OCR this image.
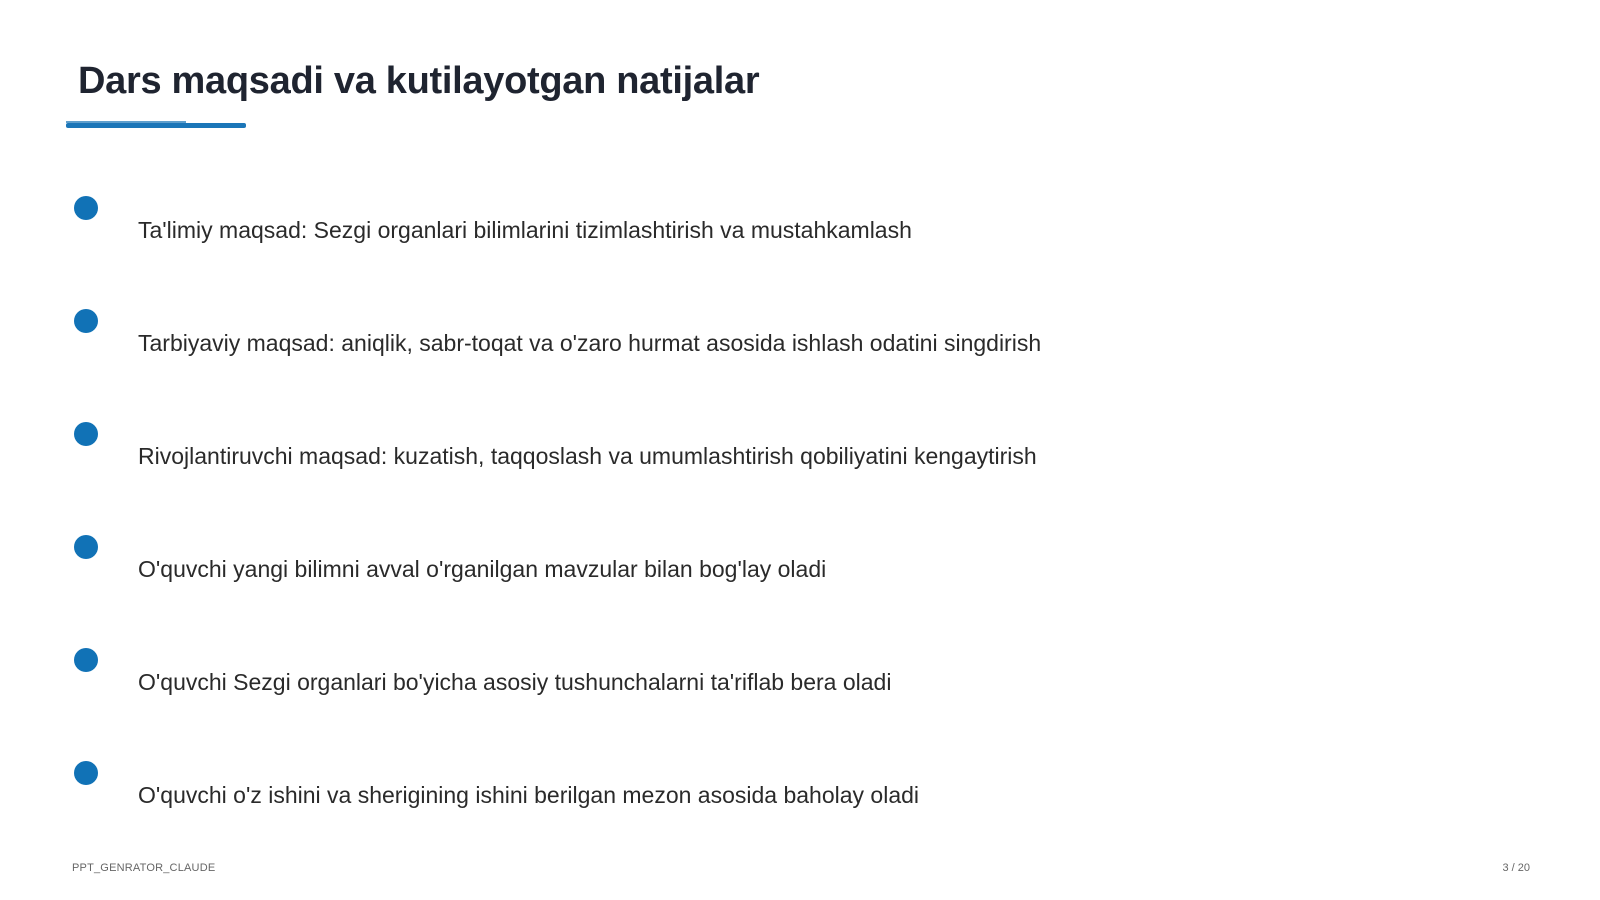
Dars maqsadi va kutilayotgan natijalar
Ta'limiy maqsad: Sezgi organlari bilimlarini tizimlashtirish va mustahkamlash
Tarbiyaviy maqsad: aniqlik, sabr-toqat va o'zaro hurmat asosida ishlash odatini singdirish
Rivojlantiruvchi maqsad: kuzatish, taqqoslash va umumlashtirish qobiliyatini kengaytirish
O'quvchi yangi bilimni avval o'rganilgan mavzular bilan bog'lay oladi
O'quvchi Sezgi organlari bo'yicha asosiy tushunchalarni ta'riflab bera oladi
O'quvchi o'z ishini va sherigining ishini berilgan mezon asosida baholay oladi
PPT_GENRATOR_CLAUDE	3 / 20
